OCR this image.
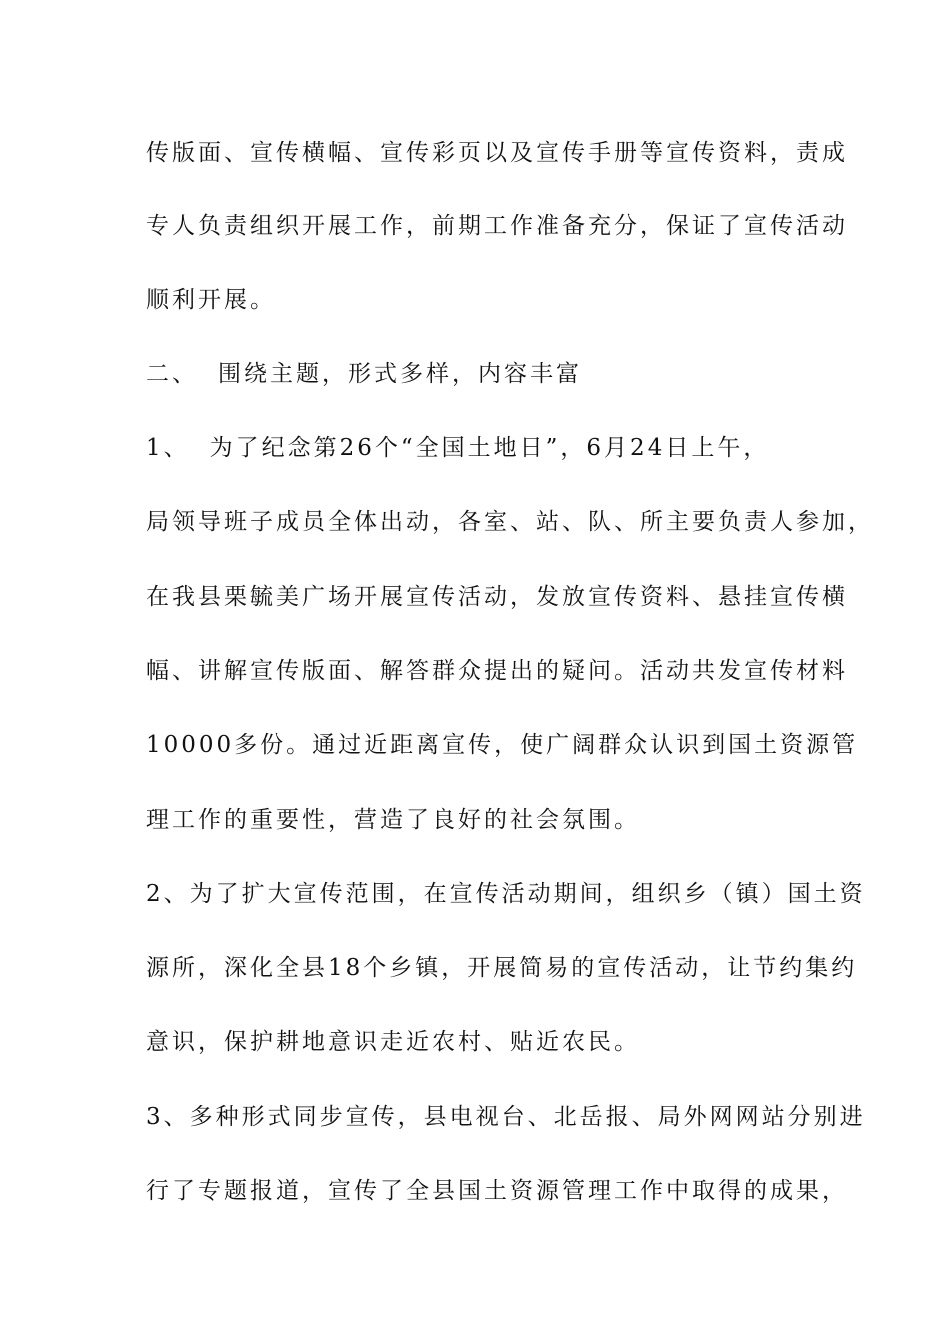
传版面、宣传横幅、宣传彩页以及宣传手册等宣传资料，责成
专人负责组织开展工作，前期工作准备充分，保证了宣传活动
顺利开展。
二、 围绕主题，形式多样，内容丰富
1、 为了纪念第26个“全国土地日”，6月24日上午，
局领导班子成员全体出动，各室、站、队、所主要负责人参加，
在我县栗毓美广场开展宣传活动，发放宣传资料、悬挂宣传横
幅、讲解宣传版面、解答群众提出的疑问。活动共发宣传材料
10000多份。通过近距离宣传，使广阔群众认识到国土资源管
理工作的重要性，营造了良好的社会氛围。
2、为了扩大宣传范围，在宣传活动期间，组织乡（镇）国土资
源所，深化全县18个乡镇，开展简易的宣传活动，让节约集约
意识，保护耕地意识走近农村、贴近农民。
3、多种形式同步宣传，县电视台、北岳报、局外网网站分别进
行了专题报道，宣传了全县国土资源管理工作中取得的成果，
